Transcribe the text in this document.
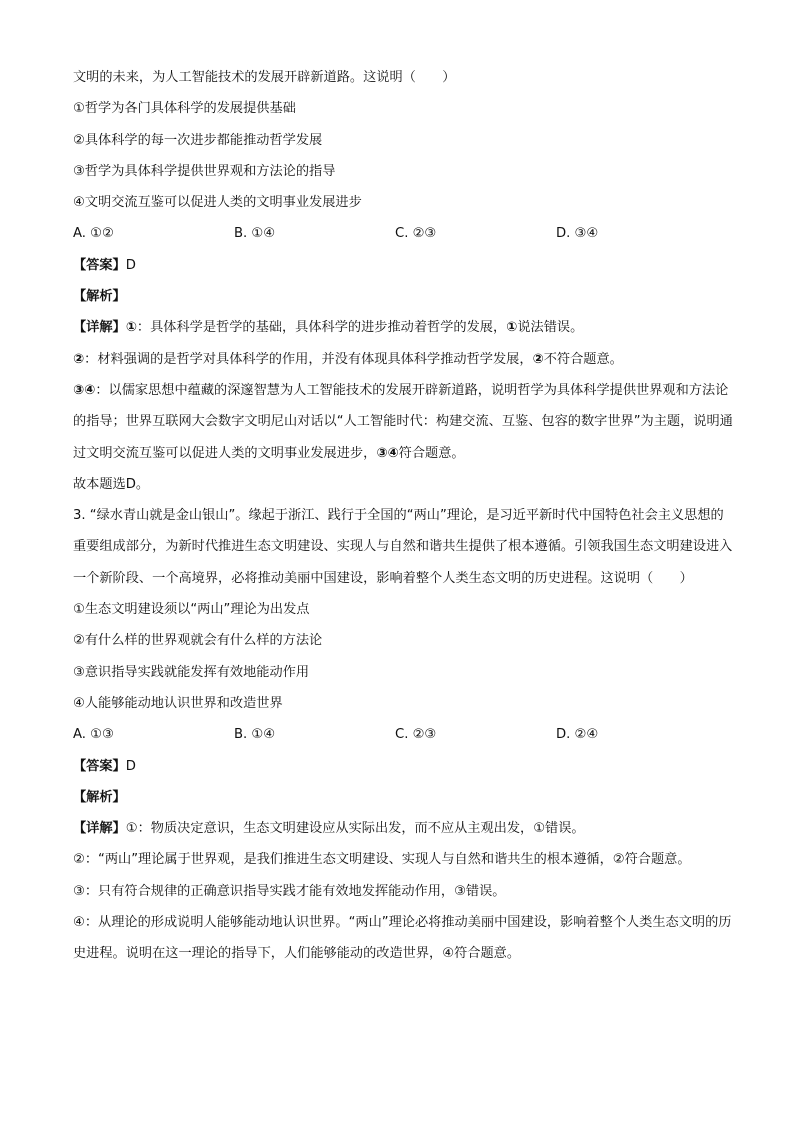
文明的未来，为人工智能技术的发展开辟新道路。这说明（　　）
①哲学为各门具体科学的发展提供基础
②具体科学的每一次进步都能推动哲学发展
③哲学为具体科学提供世界观和方法论的指导
④文明交流互鉴可以促进人类的文明事业发展进步
A. ①②	B. ①④	C. ②③	D. ③④
【答案】D
【解析】
【详解】①：具体科学是哲学的基础，具体科学的进步推动着哲学的发展，①说法错误。
②：材料强调的是哲学对具体科学的作用，并没有体现具体科学推动哲学发展，②不符合题意。
③④：以儒家思想中蕴藏的深邃智慧为人工智能技术的发展开辟新道路，说明哲学为具体科学提供世界观和方法论的指导；世界互联网大会数字文明尼山对话以“人工智能时代：构建交流、互鉴、包容的数字世界”为主题，说明通过文明交流互鉴可以促进人类的文明事业发展进步，③④符合题意。
故本题选D。
3. “绿水青山就是金山银山”。缘起于浙江、践行于全国的“两山”理论，是习近平新时代中国特色社会主义思想的重要组成部分，为新时代推进生态文明建设、实现人与自然和谐共生提供了根本遵循。引领我国生态文明建设进入一个新阶段、一个高境界，必将推动美丽中国建设，影响着整个人类生态文明的历史进程。这说明（　　）
①生态文明建设须以“两山”理论为出发点
②有什么样的世界观就会有什么样的方法论
③意识指导实践就能发挥有效地能动作用
④人能够能动地认识世界和改造世界
A. ①③	B. ①④	C. ②③	D. ②④
【答案】D
【解析】
【详解】①：物质决定意识，生态文明建设应从实际出发，而不应从主观出发，①错误。
②：“两山”理论属于世界观，是我们推进生态文明建设、实现人与自然和谐共生的根本遵循，②符合题意。
③：只有符合规律的正确意识指导实践才能有效地发挥能动作用，③错误。
④：从理论的形成说明人能够能动地认识世界。“两山”理论必将推动美丽中国建设，影响着整个人类生态文明的历史进程。说明在这一理论的指导下，人们能够能动的改造世界，④符合题意。
